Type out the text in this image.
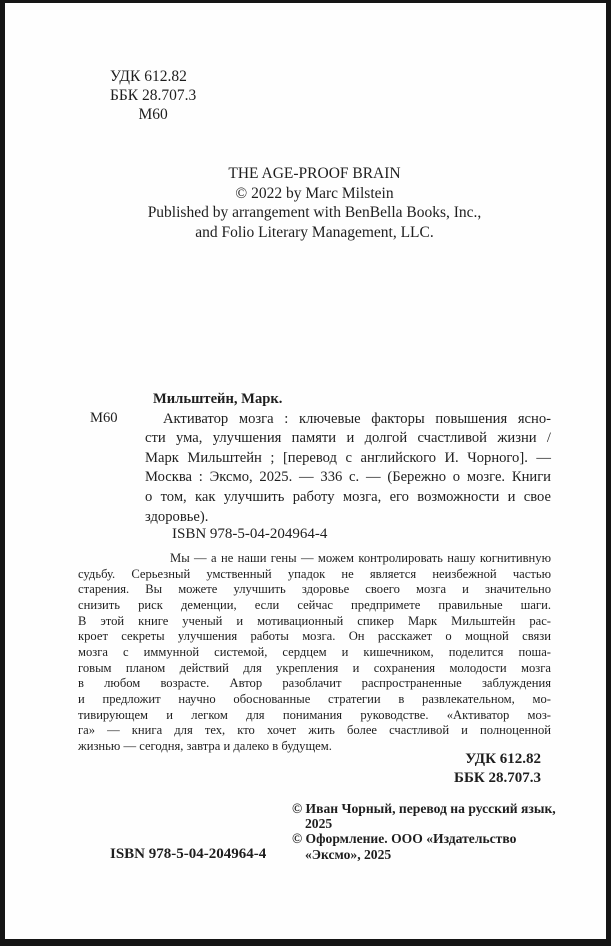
УДК 612.82
ББК 28.707.3
М60
THE AGE-PROOF BRAIN
© 2022 by Marc Milstein
Published by arrangement with BenBella Books, Inc.,
and Folio Literary Management, LLC.
М60
Мильштейн, Марк.
Активатор мозга : ключевые факторы повышения ясно-
сти ума, улучшения памяти и долгой счастливой жизни /
Марк Мильштейн ; [перевод с английского И. Чорного]. —
Москва : Эксмо, 2025. — 336 с. — (Бережно о мозге. Книги
о том, как улучшить работу мозга, его возможности и свое
здоровье).
ISBN 978-5-04-204964-4
Мы — а не наши гены — можем контролировать нашу когнитивную
судьбу. Серьезный умственный упадок не является неизбежной частью
старения. Вы можете улучшить здоровье своего мозга и значительно
снизить риск деменции, если сейчас предпримете правильные шаги.
В этой книге ученый и мотивационный спикер Марк Мильштейн рас-
кроет секреты улучшения работы мозга. Он расскажет о мощной связи
мозга с иммунной системой, сердцем и кишечником, поделится поша-
говым планом действий для укрепления и сохранения молодости мозга
в любом возрасте. Автор разоблачит распространенные заблуждения
и предложит научно обоснованные стратегии в развлекательном, мо-
тивирующем и легком для понимания руководстве. «Активатор моз-
га» — книга для тех, кто хочет жить более счастливой и полноценной
жизнью — сегодня, завтра и далеко в будущем.
УДК 612.82
ББК 28.707.3
© Иван Чорный, перевод на русский язык,
2025
© Оформление. ООО «Издательство
«Эксмо», 2025
ISBN 978-5-04-204964-4
